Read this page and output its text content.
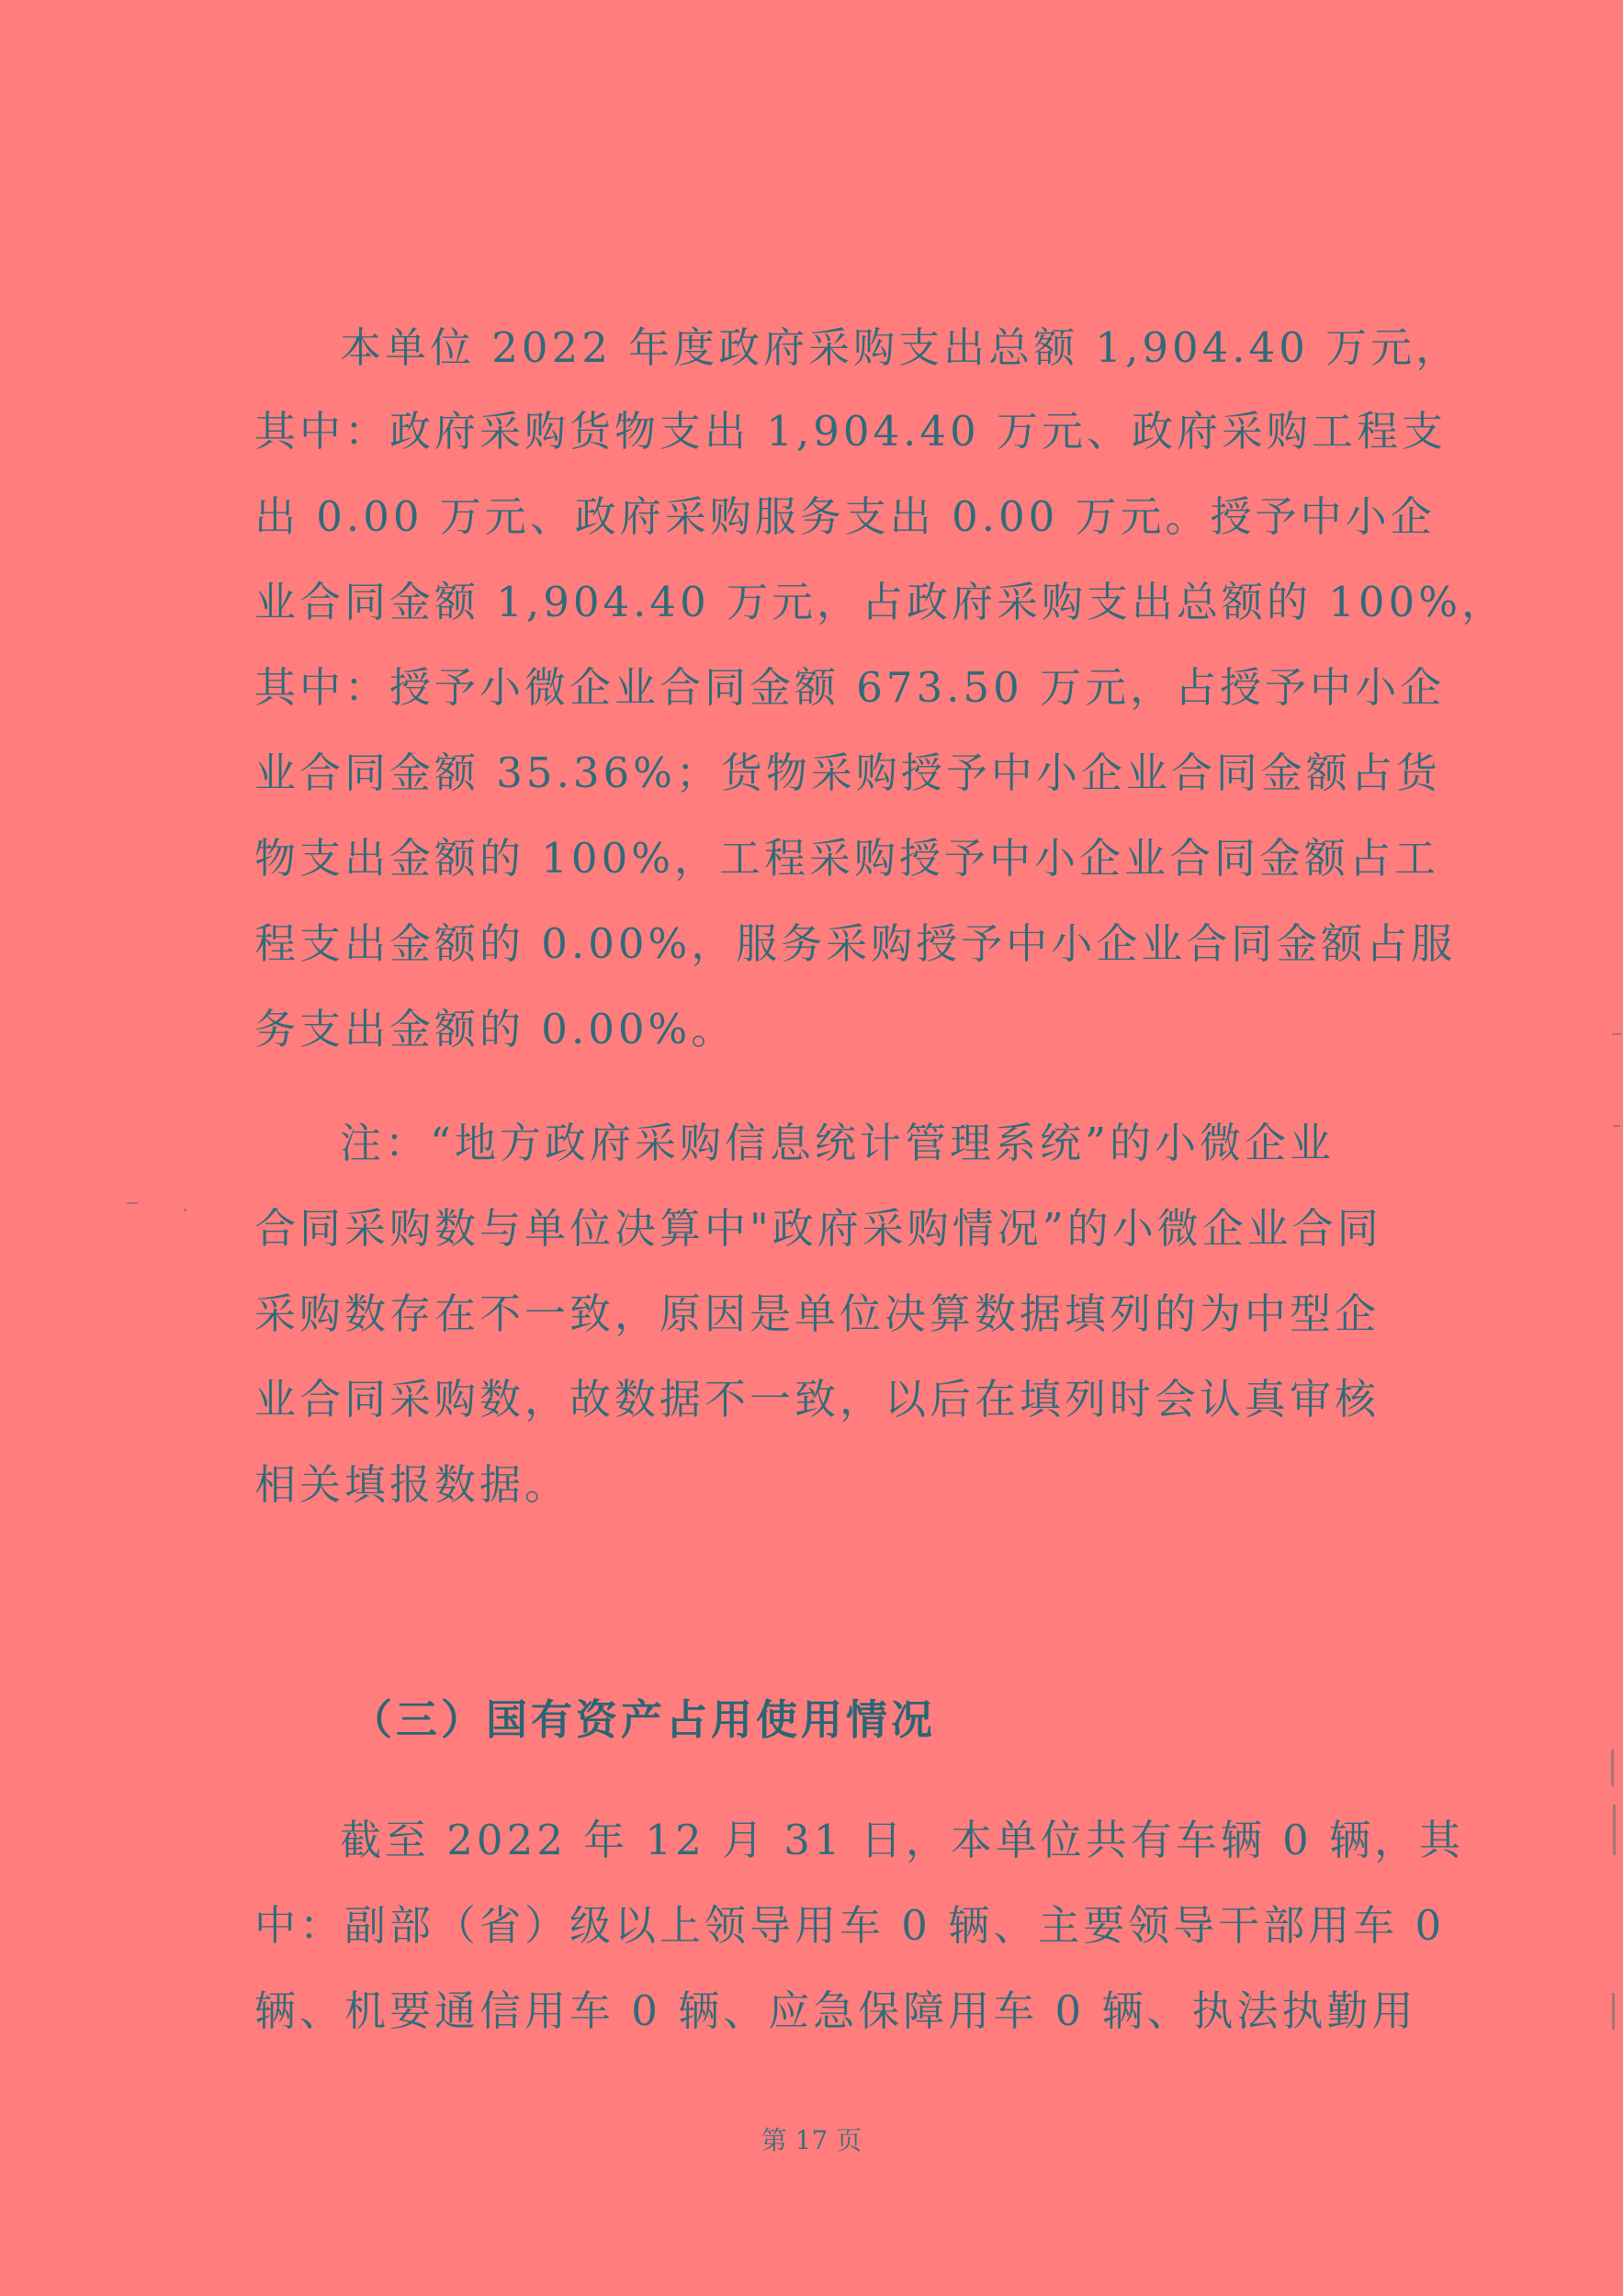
本单位 2022 年度政府采购支出总额 1,904.40 万元，
其中：政府采购货物支出 1,904.40 万元、政府采购工程支
出 0.00 万元、政府采购服务支出 0.00 万元。授予中小企
业合同金额 1,904.40 万元，占政府采购支出总额的 100%，
其中：授予小微企业合同金额 673.50 万元，占授予中小企
业合同金额 35.36%；货物采购授予中小企业合同金额占货
物支出金额的 100%，工程采购授予中小企业合同金额占工
程支出金额的 0.00%，服务采购授予中小企业合同金额占服
务支出金额的 0.00%。
注：“地方政府采购信息统计管理系统”的小微企业
合同采购数与单位决算中"政府采购情况”的小微企业合同
采购数存在不一致，原因是单位决算数据填列的为中型企
业合同采购数，故数据不一致，以后在填列时会认真审核
相关填报数据。
（三）国有资产占用使用情况
截至 2022 年 12 月 31 日，本单位共有车辆 0 辆，其
中：副部（省）级以上领导用车 0 辆、主要领导干部用车 0
辆、机要通信用车 0 辆、应急保障用车 0 辆、执法执勤用
第 17 页
